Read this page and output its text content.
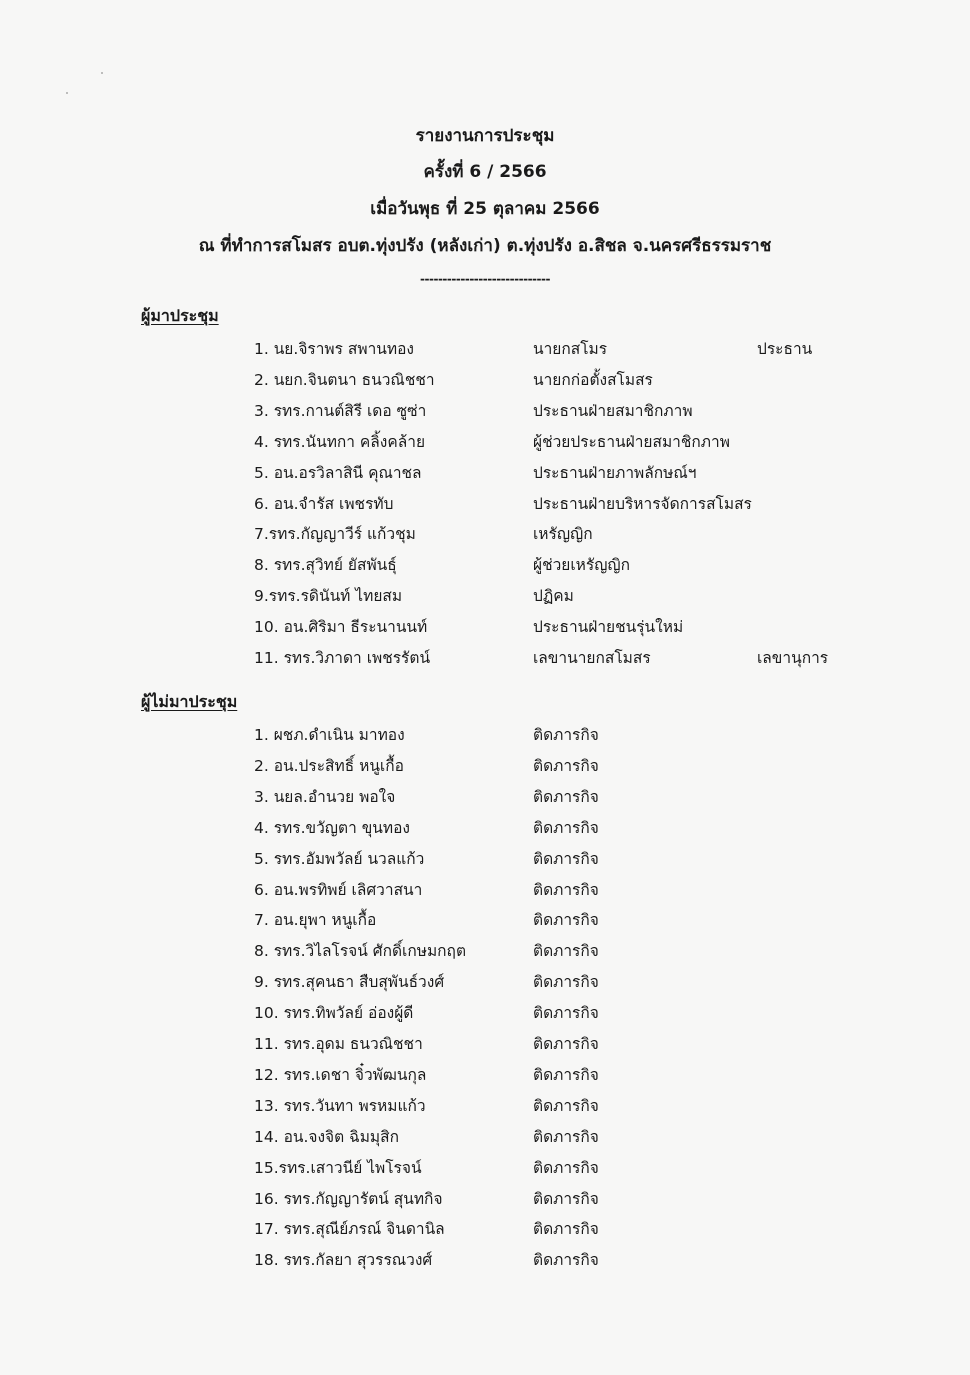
รายงานการประชุม
ครั้งที่ 6 / 2566
เมื่อวันพุธ ที่ 25 ตุลาคม 2566
ณ ที่ทำการสโมสร อบต.ทุ่งปรัง (หลังเก่า) ต.ทุ่งปรัง อ.สิชล จ.นครศรีธรรมราช
-----------------------------
ผู้มาประชุม
1. นย.จิราพร สพานทอง	นายกสโมร	ประธาน
2. นยก.จินตนา ธนวณิชชา	นายกก่อตั้งสโมสร
3. รทร.กานต์สิรี เดอ ซูซ่า	ประธานฝ่ายสมาชิกภาพ
4. รทร.นันทกา คลิ้งคล้าย	ผู้ช่วยประธานฝ่ายสมาชิกภาพ
5. อน.อรวิลาสินี คุณาชล	ประธานฝ่ายภาพลักษณ์ฯ
6. อน.จำรัส เพชรทับ	ประธานฝ่ายบริหารจัดการสโมสร
7.รทร.กัญญาวีร์ แก้วชุม	เหรัญญิก
8. รทร.สุวิทย์ ยัสพันธุ์	ผู้ช่วยเหรัญญิก
9.รทร.รดินันท์ ไทยสม	ปฏิคม
10. อน.ศิริมา ธีระนานนท์	ประธานฝ่ายชนรุ่นใหม่
11. รทร.วิภาดา เพชรรัตน์	เลขานายกสโมสร	เลขานุการ
ผู้ไม่มาประชุม
1. ผชภ.ดำเนิน มาทอง	ติดภารกิจ
2. อน.ประสิทธิ์ หนูเกื้อ	ติดภารกิจ
3. นยล.อำนวย พอใจ	ติดภารกิจ
4. รทร.ขวัญตา ขุนทอง	ติดภารกิจ
5. รทร.อัมพวัลย์ นวลแก้ว	ติดภารกิจ
6. อน.พรทิพย์ เลิศวาสนา	ติดภารกิจ
7. อน.ยุพา หนูเกื้อ	ติดภารกิจ
8. รทร.วิไลโรจน์ ศักดิ์เกษมกฤต	ติดภารกิจ
9. รทร.สุคนธา สืบสุพันธ์วงศ์	ติดภารกิจ
10. รทร.ทิพวัลย์ อ่องผู้ดี	ติดภารกิจ
11. รทร.อุดม ธนวณิชชา	ติดภารกิจ
12. รทร.เดชา จิ๋วพัฒนกุล	ติดภารกิจ
13. รทร.วันทา พรหมแก้ว	ติดภารกิจ
14. อน.จงจิต ฉิมมุสิก	ติดภารกิจ
15.รทร.เสาวนีย์ ไพโรจน์	ติดภารกิจ
16. รทร.กัญญารัตน์ สุนทกิจ	ติดภารกิจ
17. รทร.สุณีย์ภรณ์ จินดานิล	ติดภารกิจ
18. รทร.กัลยา สุวรรณวงศ์	ติดภารกิจ
